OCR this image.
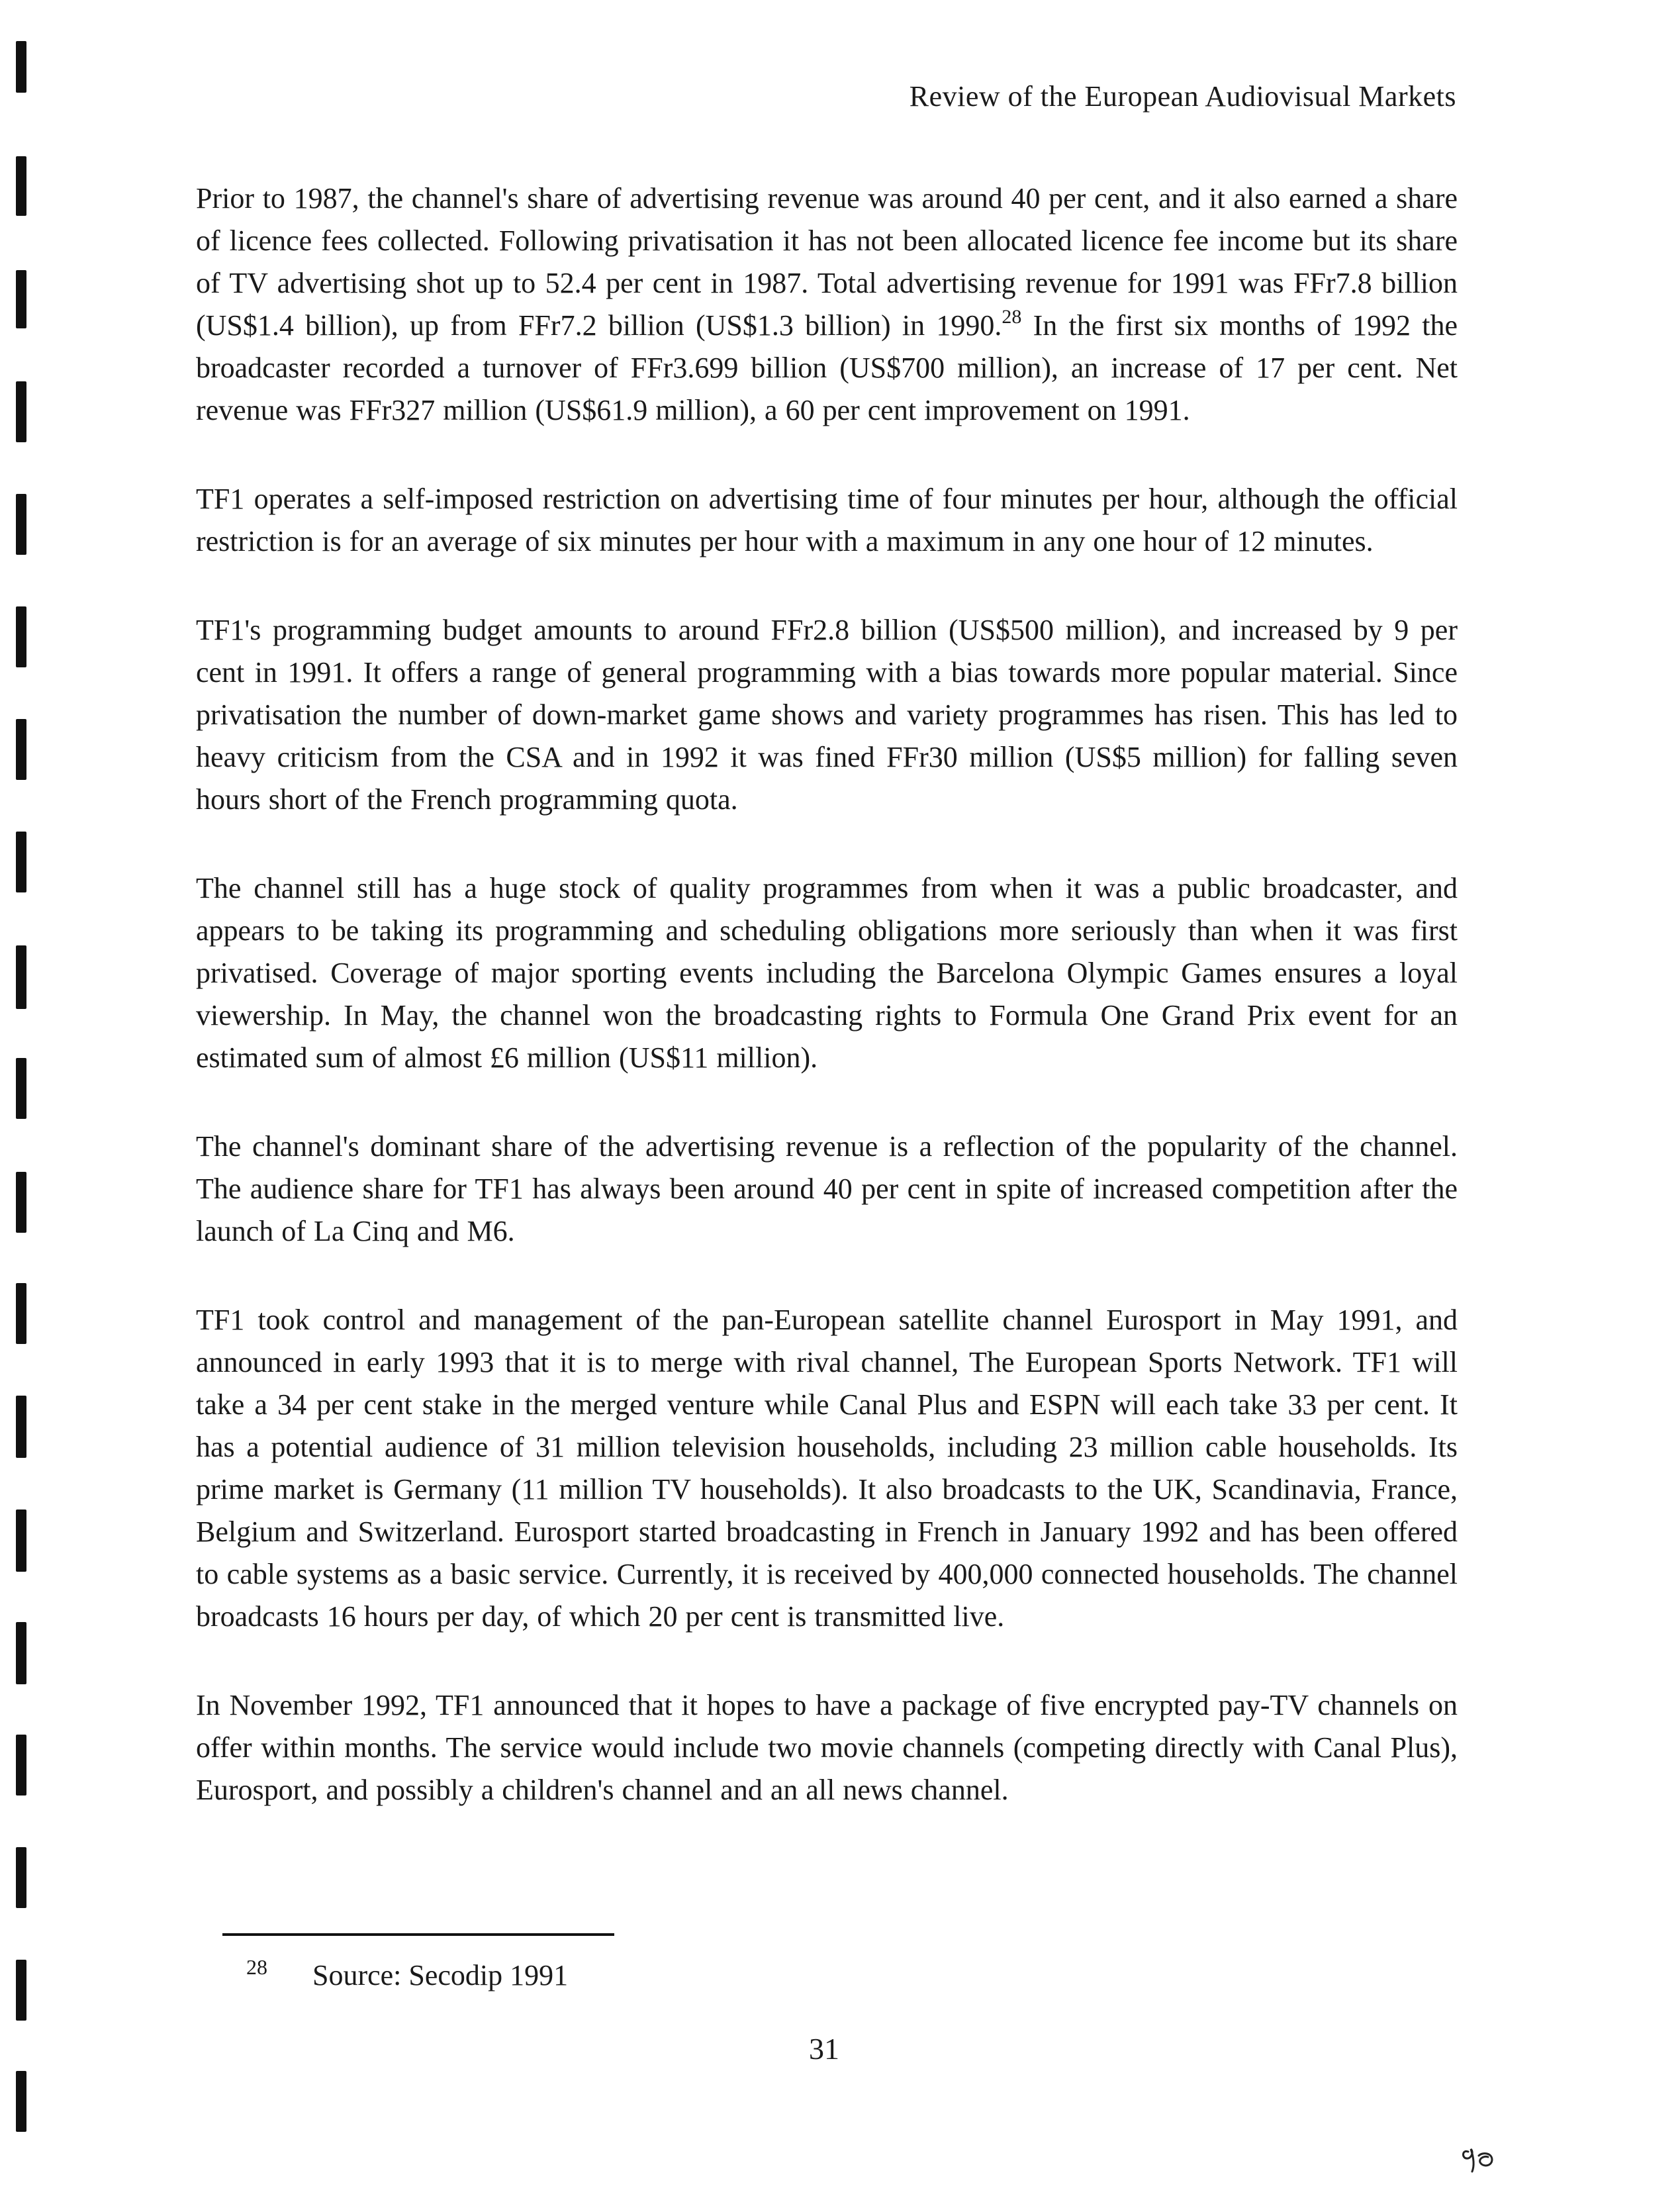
Review of the European Audiovisual Markets

Prior to 1987, the channel's share of advertising revenue was around 40 per cent, and it also earned a share of licence fees collected. Following privatisation it has not been allocated licence fee income but its share of TV advertising shot up to 52.4 per cent in 1987. Total advertising revenue for 1991 was FFr7.8 billion (US$1.4 billion), up from FFr7.2 billion (US$1.3 billion) in 1990.28 In the first six months of 1992 the broadcaster recorded a turnover of FFr3.699 billion (US$700 million), an increase of 17 per cent. Net revenue was FFr327 million (US$61.9 million), a 60 per cent improvement on 1991.

TF1 operates a self-imposed restriction on advertising time of four minutes per hour, although the official restriction is for an average of six minutes per hour with a maximum in any one hour of 12 minutes.

TF1's programming budget amounts to around FFr2.8 billion (US$500 million), and increased by 9 per cent in 1991. It offers a range of general programming with a bias towards more popular material. Since privatisation the number of down-market game shows and variety programmes has risen. This has led to heavy criticism from the CSA and in 1992 it was fined FFr30 million (US$5 million) for falling seven hours short of the French programming quota.

The channel still has a huge stock of quality programmes from when it was a public broadcaster, and appears to be taking its programming and scheduling obligations more seriously than when it was first privatised. Coverage of major sporting events including the Barcelona Olympic Games ensures a loyal viewership. In May, the channel won the broadcasting rights to Formula One Grand Prix event for an estimated sum of almost £6 million (US$11 million).

The channel's dominant share of the advertising revenue is a reflection of the popularity of the channel. The audience share for TF1 has always been around 40 per cent in spite of increased competition after the launch of La Cinq and M6.

TF1 took control and management of the pan-European satellite channel Eurosport in May 1991, and announced in early 1993 that it is to merge with rival channel, The European Sports Network. TF1 will take a 34 per cent stake in the merged venture while Canal Plus and ESPN will each take 33 per cent. It has a potential audience of 31 million television households, including 23 million cable households. Its prime market is Germany (11 million TV households). It also broadcasts to the UK, Scandinavia, France, Belgium and Switzerland. Eurosport started broadcasting in French in January 1992 and has been offered to cable systems as a basic service. Currently, it is received by 400,000 connected households. The channel broadcasts 16 hours per day, of which 20 per cent is transmitted live.

In November 1992, TF1 announced that it hopes to have a package of five encrypted pay-TV channels on offer within months. The service would include two movie channels (competing directly with Canal Plus), Eurosport, and possibly a children's channel and an all news channel.

$^{28}$ Source: Secodip 1991
31
